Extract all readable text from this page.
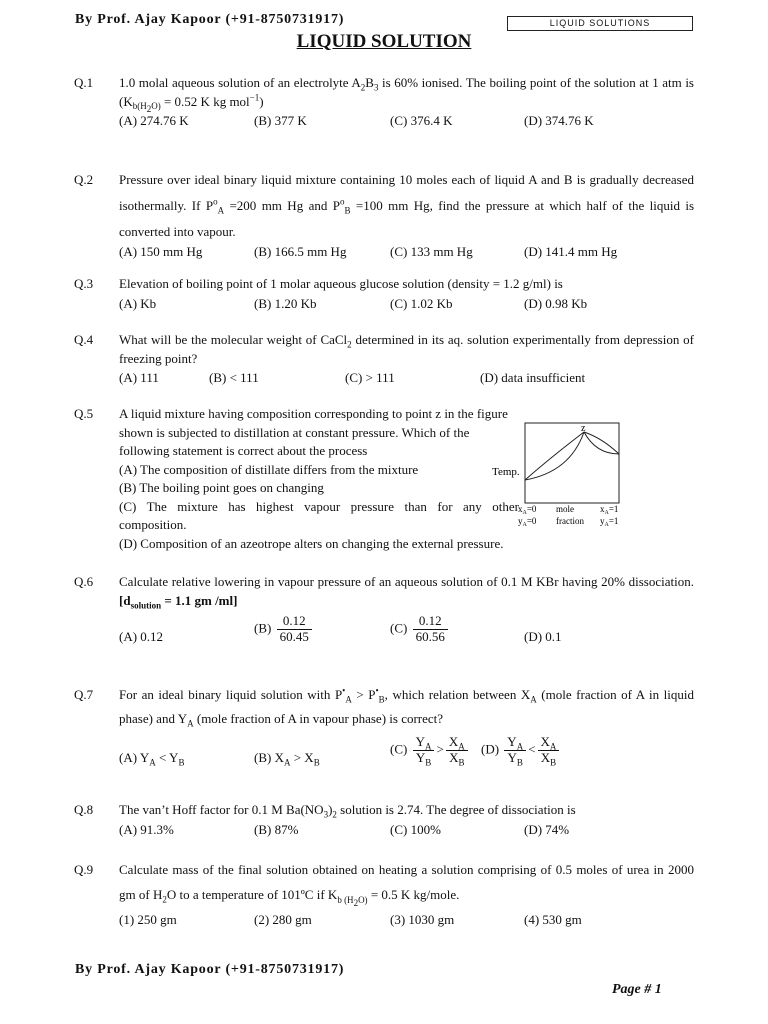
By Prof. Ajay Kapoor (+91-8750731917)	LIQUID SOLUTIONS
LIQUID SOLUTION
Q.1	1.0 molal aqueous solution of an electrolyte $A_2B_3$ is 60% ionised. The boiling point of the solution at 1 atm is ($K_{b(H_2O)} = 0.52$ K kg mol$^{-1}$)
(A) 274.76 K	(B) 377 K	(C) 376.4 K	(D) 374.76 K
Q.2	Pressure over ideal binary liquid mixture containing 10 moles each of liquid A and B is gradually decreased isothermally. If $P^o_A =200$ mm Hg and $P^o_B =100$ mm Hg, find the pressure at which half of the liquid is converted into vapour.
(A) 150 mm Hg	(B) 166.5 mm Hg	(C) 133 mm Hg	(D) 141.4 mm Hg
Q.3	Elevation of boiling point of 1 molar aqueous glucose solution (density = 1.2 g/ml) is
(A) Kb	(B) 1.20 Kb	(C) 1.02 Kb	(D) 0.98 Kb
Q.4	What will be the molecular weight of CaCl$_2$ determined in its aq. solution experimentally from depression of freezing point?
(A) 111	(B) < 111	(C) > 111	(D) data insufficient
Q.5	A liquid mixture having composition corresponding to point z in the figure
shown is subjected to distillation at constant pressure. Which of the
following statement is correct about the process
(A) The composition of distillate differs from the mixture
(B) The boiling point goes on changing
(C) The mixture has highest vapour pressure than for any other
composition.
(D) Composition of an azeotrope alters on changing the external pressure.
z
Temp.
$x_A=0$
$y_A=0$
mole
fraction
$x_A=1$
$y_A=1$
Q.6	Calculate relative lowering in vapour pressure of an aqueous solution of 0.1 M KBr having 20% dissociation. [$d_{solution} = 1.1$ gm /ml]
(A) 0.12
$(B) \frac{0.12}{60.45}$	$(C) \frac{0.12}{60.56}$	(D) 0.1
Q.7	For an ideal binary liquid solution with $P^•_A > P^•_B$, which relation between $X_A$ (mole fraction of A in liquid phase) and $Y_A$ (mole fraction of A in vapour phase) is correct?
(A) $Y_A < Y_B$	(B) $X_A > X_B$
$(C) \frac{Y_A}{Y_B} > \frac{X_A}{X_B} (D) \frac{Y_A}{Y_B} < \frac{X_A}{X_B}$
Q.8	The van’t Hoff factor for 0.1 M $Ba(NO_3)_2$ solution is 2.74. The degree of dissociation is
(A) 91.3%	(B) 87%	(C) 100%	(D) 74%
Q.9	Calculate mass of the final solution obtained on heating a solution comprising of 0.5 moles of urea in 2000 gm of $H_2O$ to a temperature of 101ºC if $K_{b (H_2O)} = 0.5$ K kg/mole.
(1) 250 gm	(2) 280 gm	(3) 1030 gm	(4) 530 gm
By Prof. Ajay Kapoor (+91-8750731917)
Page # 1
